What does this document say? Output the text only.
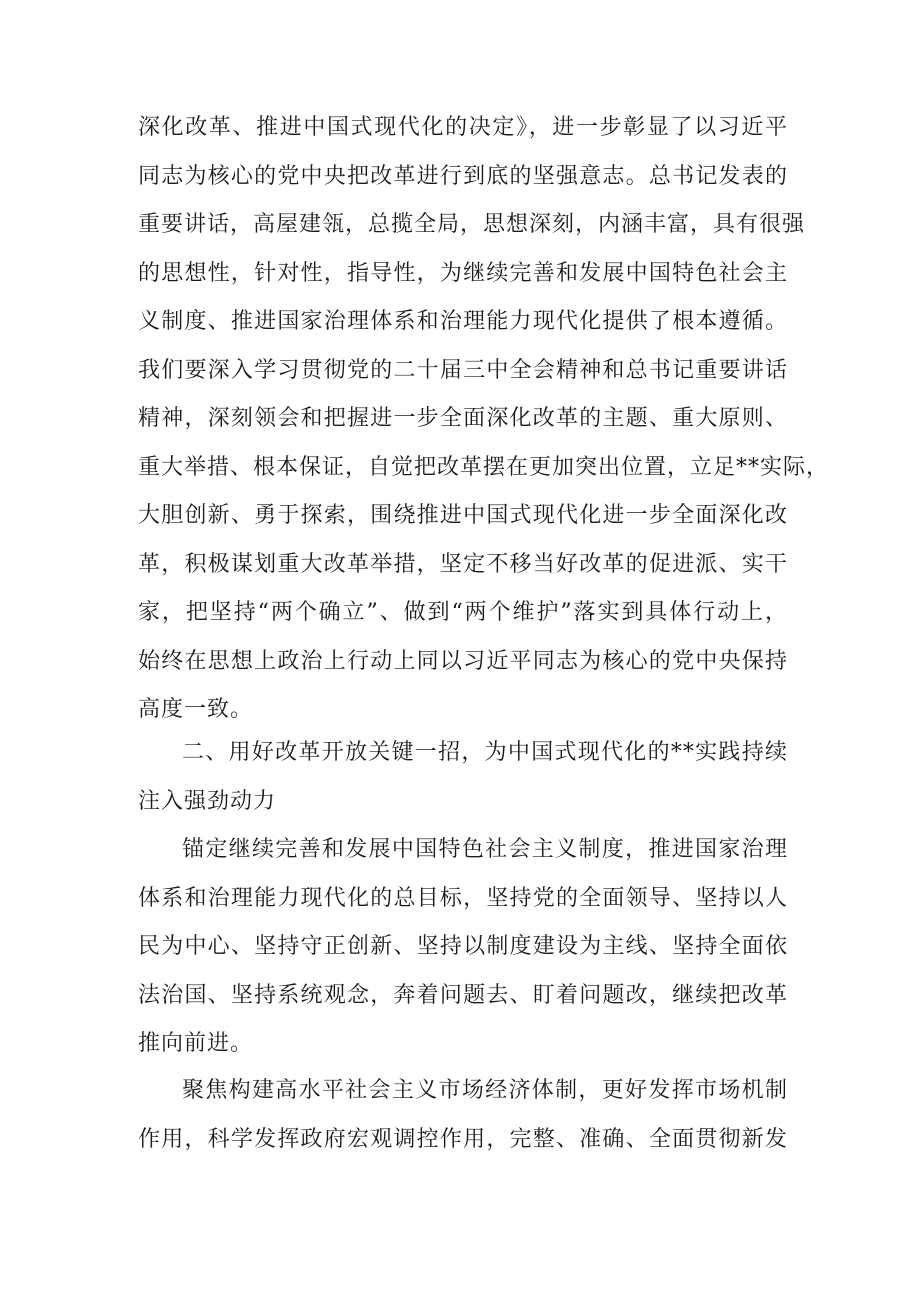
深化改革、推进中国式现代化的决定》，进一步彰显了以习近平
同志为核心的党中央把改革进行到底的坚强意志。总书记发表的
重要讲话，高屋建瓴，总揽全局，思想深刻，内涵丰富，具有很强
的思想性，针对性，指导性，为继续完善和发展中国特色社会主
义制度、推进国家治理体系和治理能力现代化提供了根本遵循。
我们要深入学习贯彻党的二十届三中全会精神和总书记重要讲话
精神，深刻领会和把握进一步全面深化改革的主题、重大原则、
重大举措、根本保证，自觉把改革摆在更加突出位置，立足**实际，
大胆创新、勇于探索，围绕推进中国式现代化进一步全面深化改
革，积极谋划重大改革举措，坚定不移当好改革的促进派、实干
家，把坚持“两个确立”、做到“两个维护”落实到具体行动上，
始终在思想上政治上行动上同以习近平同志为核心的党中央保持
高度一致。
二、用好改革开放关键一招，为中国式现代化的**实践持续
注入强劲动力
锚定继续完善和发展中国特色社会主义制度，推进国家治理
体系和治理能力现代化的总目标，坚持党的全面领导、坚持以人
民为中心、坚持守正创新、坚持以制度建设为主线、坚持全面依
法治国、坚持系统观念，奔着问题去、盯着问题改，继续把改革
推向前进。
聚焦构建高水平社会主义市场经济体制，更好发挥市场机制
作用，科学发挥政府宏观调控作用，完整、准确、全面贯彻新发
